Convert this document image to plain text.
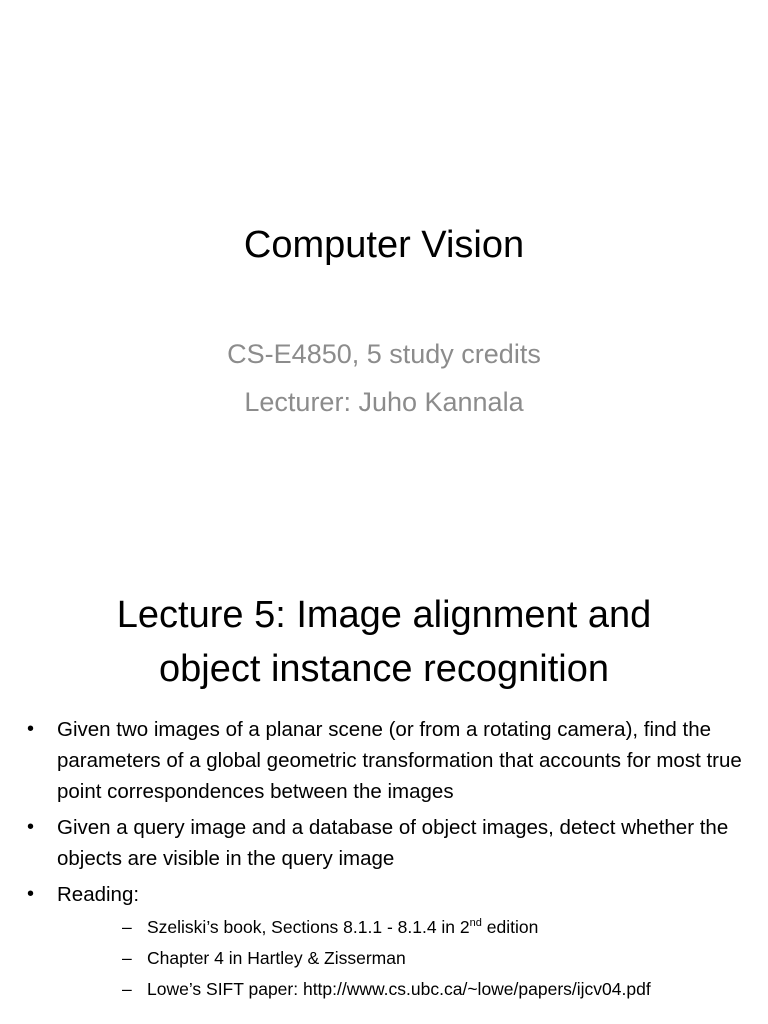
Computer Vision
CS-E4850, 5 study credits
Lecturer: Juho Kannala
Lecture 5: Image alignment and
object instance recognition
• Given two images of a planar scene (or from a rotating camera), find the parameters of a global geometric transformation that accounts for most true point correspondences between the images
• Given a query image and a database of object images, detect whether the objects are visible in the query image
• Reading:
– Szeliski’s book, Sections 8.1.1 - 8.1.4 in 2nd edition
– Chapter 4 in Hartley & Zisserman
– Lowe’s SIFT paper: http://www.cs.ubc.ca/~lowe/papers/ijcv04.pdf
